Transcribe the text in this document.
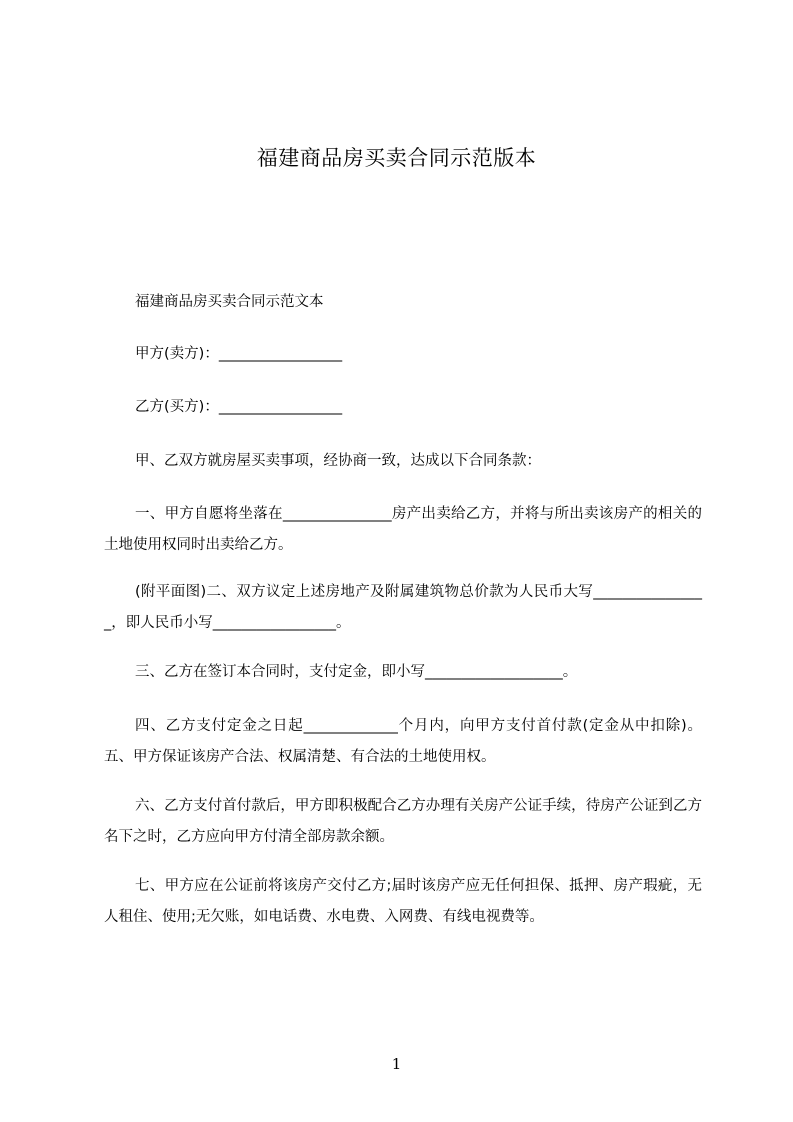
福建商品房买卖合同示范版本

福建商品房买卖合同示范文本

甲方(卖方)：_________________

乙方(买方)：_________________

甲、乙双方就房屋买卖事项，经协商一致，达成以下合同条款：

一、甲方自愿将坐落在_______________房产出卖给乙方，并将与所出卖该房产的相关的土地使用权同时出卖给乙方。

(附平面图)二、双方议定上述房地产及附属建筑物总价款为人民币大写________________，即人民币小写_________________。

三、乙方在签订本合同时，支付定金，即小写___________________。

四、乙方支付定金之日起_____________个月内，向甲方支付首付款(定金从中扣除)。五、甲方保证该房产合法、权属清楚、有合法的土地使用权。

六、乙方支付首付款后，甲方即积极配合乙方办理有关房产公证手续，待房产公证到乙方名下之时，乙方应向甲方付清全部房款余额。

七、甲方应在公证前将该房产交付乙方;届时该房产应无任何担保、抵押、房产瑕疵，无人租住、使用;无欠账，如电话费、水电费、入网费、有线电视费等。

1
